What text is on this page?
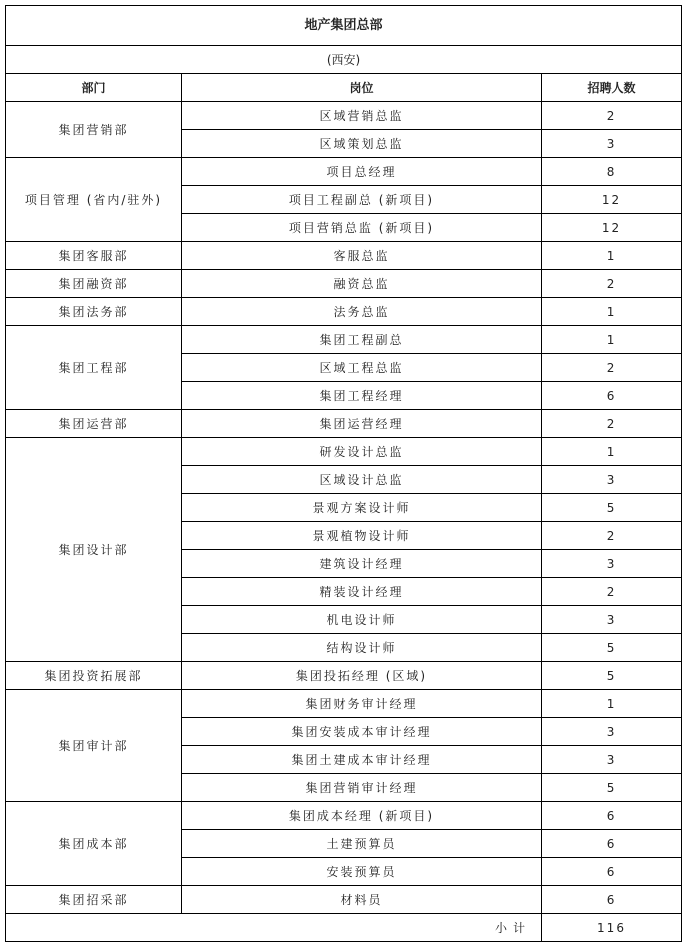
地产集团总部		
(西安)		
部门	岗位	招聘人数
集团营销部	区域营销总监	2
	区域策划总监	3
项目管理 (省内/驻外)	项目总经理	8
	项目工程副总 (新项目)	12
	项目营销总监 (新项目)	12
集团客服部	客服总监	1
集团融资部	融资总监	2
集团法务部	法务总监	1
集团工程部	集团工程副总	1
	区域工程总监	2
	集团工程经理	6
集团运营部	集团运营经理	2
集团设计部	研发设计总监	1
	区域设计总监	3
	景观方案设计师	5
	景观植物设计师	2
	建筑设计经理	3
	精装设计经理	2
	机电设计师	3
	结构设计师	5
集团投资拓展部	集团投拓经理 (区域)	5
集团审计部	集团财务审计经理	1
	集团安装成本审计经理	3
	集团土建成本审计经理	3
	集团营销审计经理	5
集团成本部	集团成本经理 (新项目)	6
	土建预算员	6
	安装预算员	6
集团招采部	材料员	6
小计		116
